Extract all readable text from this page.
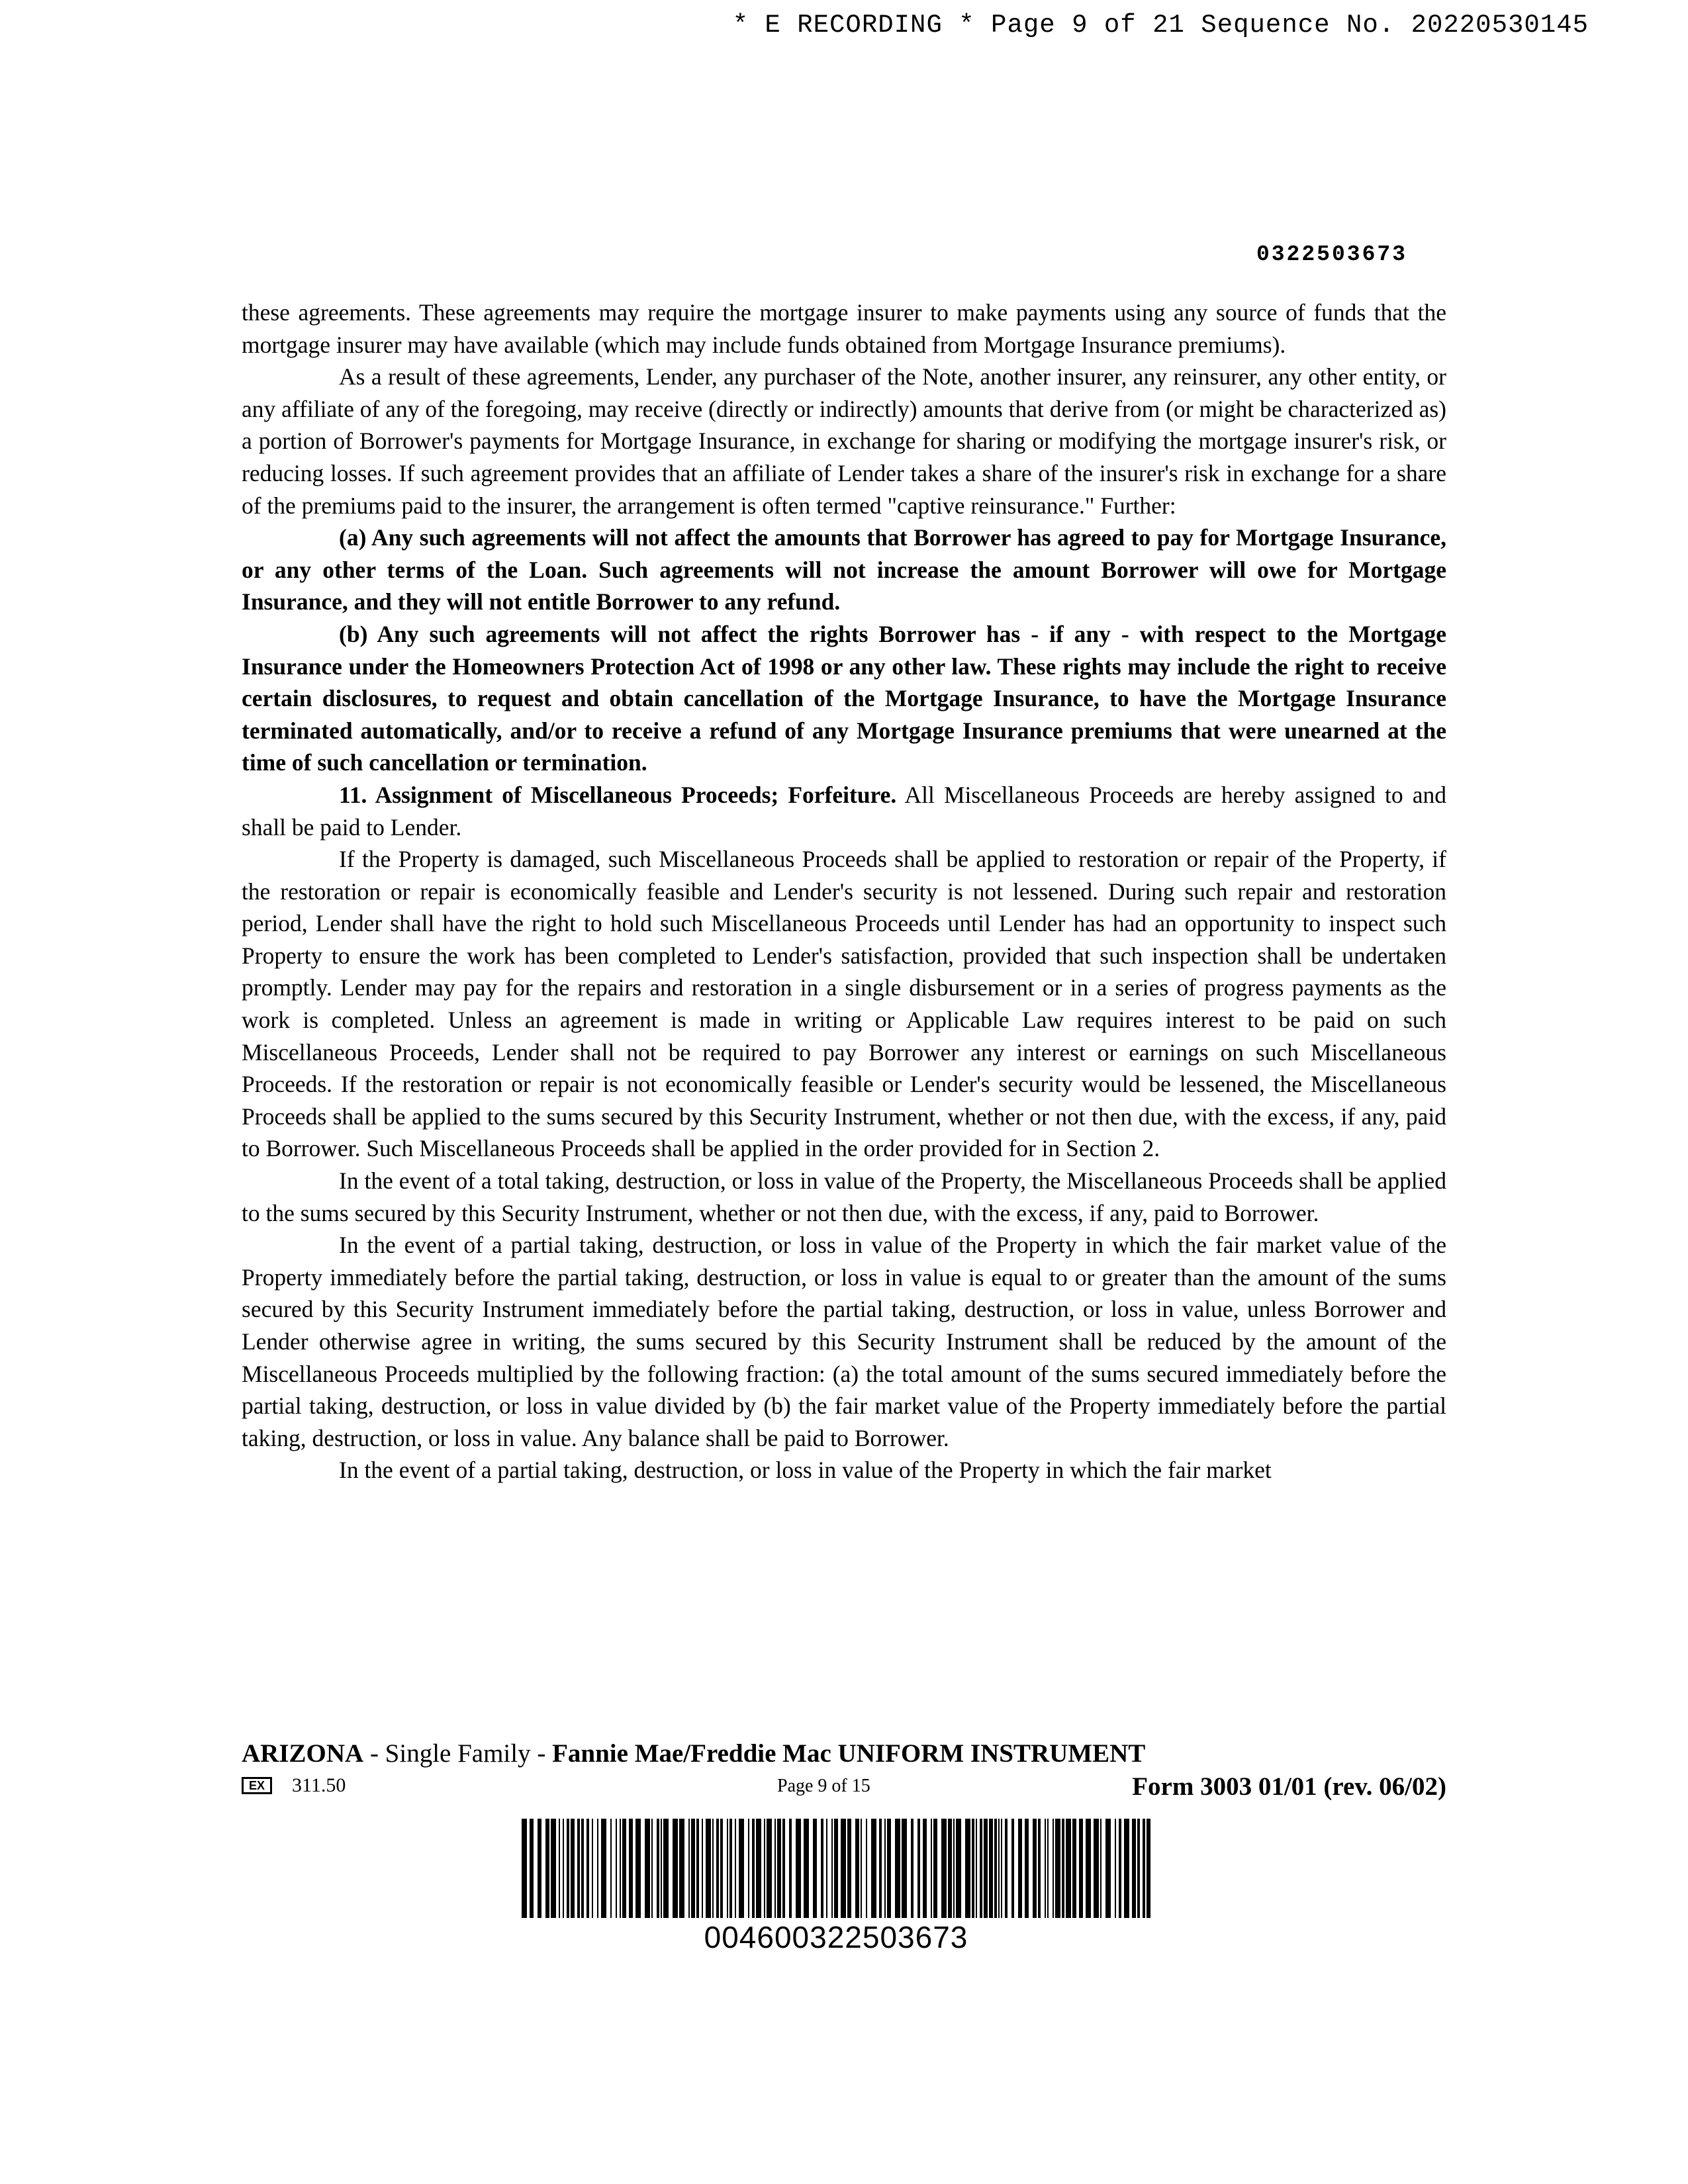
* E RECORDING * Page 9 of 21 Sequence No. 20220530145
0322503673

these agreements. These agreements may require the mortgage insurer to make payments using any source of funds that the mortgage insurer may have available (which may include funds obtained from Mortgage Insurance premiums).

As a result of these agreements, Lender, any purchaser of the Note, another insurer, any reinsurer, any other entity, or any affiliate of any of the foregoing, may receive (directly or indirectly) amounts that derive from (or might be characterized as) a portion of Borrower's payments for Mortgage Insurance, in exchange for sharing or modifying the mortgage insurer's risk, or reducing losses. If such agreement provides that an affiliate of Lender takes a share of the insurer's risk in exchange for a share of the premiums paid to the insurer, the arrangement is often termed "captive reinsurance." Further:

(a) Any such agreements will not affect the amounts that Borrower has agreed to pay for Mortgage Insurance, or any other terms of the Loan. Such agreements will not increase the amount Borrower will owe for Mortgage Insurance, and they will not entitle Borrower to any refund.

(b) Any such agreements will not affect the rights Borrower has - if any - with respect to the Mortgage Insurance under the Homeowners Protection Act of 1998 or any other law. These rights may include the right to receive certain disclosures, to request and obtain cancellation of the Mortgage Insurance, to have the Mortgage Insurance terminated automatically, and/or to receive a refund of any Mortgage Insurance premiums that were unearned at the time of such cancellation or termination.

11. Assignment of Miscellaneous Proceeds; Forfeiture. All Miscellaneous Proceeds are hereby assigned to and shall be paid to Lender.

If the Property is damaged, such Miscellaneous Proceeds shall be applied to restoration or repair of the Property, if the restoration or repair is economically feasible and Lender's security is not lessened. During such repair and restoration period, Lender shall have the right to hold such Miscellaneous Proceeds until Lender has had an opportunity to inspect such Property to ensure the work has been completed to Lender's satisfaction, provided that such inspection shall be undertaken promptly. Lender may pay for the repairs and restoration in a single disbursement or in a series of progress payments as the work is completed. Unless an agreement is made in writing or Applicable Law requires interest to be paid on such Miscellaneous Proceeds, Lender shall not be required to pay Borrower any interest or earnings on such Miscellaneous Proceeds. If the restoration or repair is not economically feasible or Lender's security would be lessened, the Miscellaneous Proceeds shall be applied to the sums secured by this Security Instrument, whether or not then due, with the excess, if any, paid to Borrower. Such Miscellaneous Proceeds shall be applied in the order provided for in Section 2.

In the event of a total taking, destruction, or loss in value of the Property, the Miscellaneous Proceeds shall be applied to the sums secured by this Security Instrument, whether or not then due, with the excess, if any, paid to Borrower.

In the event of a partial taking, destruction, or loss in value of the Property in which the fair market value of the Property immediately before the partial taking, destruction, or loss in value is equal to or greater than the amount of the sums secured by this Security Instrument immediately before the partial taking, destruction, or loss in value, unless Borrower and Lender otherwise agree in writing, the sums secured by this Security Instrument shall be reduced by the amount of the Miscellaneous Proceeds multiplied by the following fraction: (a) the total amount of the sums secured immediately before the partial taking, destruction, or loss in value divided by (b) the fair market value of the Property immediately before the partial taking, destruction, or loss in value. Any balance shall be paid to Borrower.

In the event of a partial taking, destruction, or loss in value of the Property in which the fair market

ARIZONA - Single Family - Fannie Mae/Freddie Mac UNIFORM INSTRUMENT
EX	311.50	Page 9 of 15	Form 3003 01/01 (rev. 06/02)
004600322503673
